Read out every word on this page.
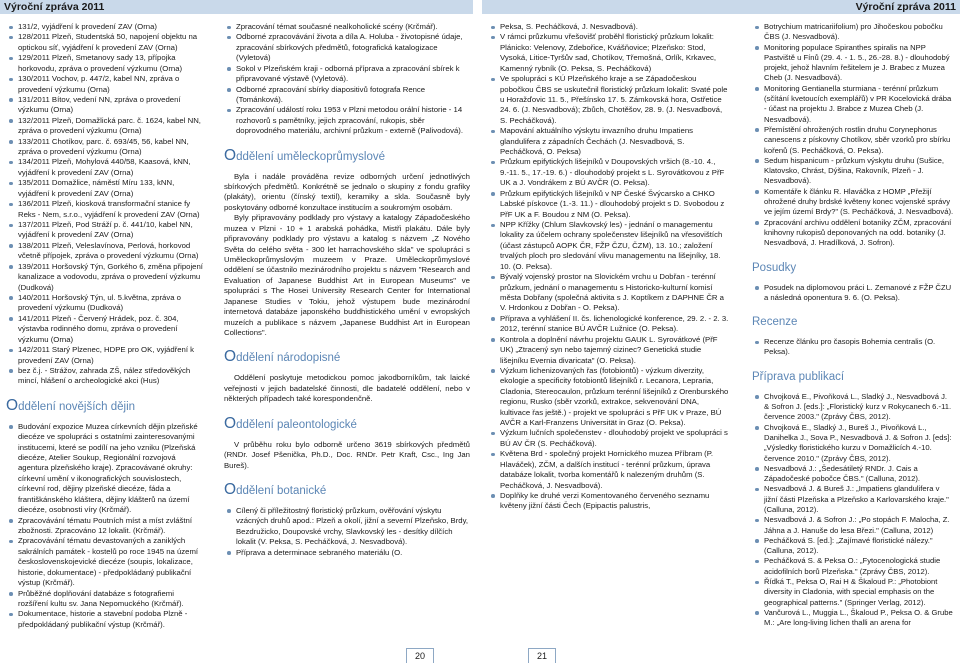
Výroční zpráva 2011	Výroční zpráva 2011
131/2, vyjádření k provedení ZAV (Orna)
128/2011 Plzeň, Studentská 50, napojení objektu na optickou síť, vyjádření k provedení ZAV (Orna)
129/2011 Plzeň, Smetanovy sady 13, přípojka horkovodu, zpráva o provedení výzkumu (Orna)
130/2011 Vochov, p. 447/2, kabel NN, zpráva o provedení výzkumu (Orna)
131/2011 Bítov, vedení NN, zpráva o provedení výzkumu (Orna)
132/2011 Plzeň, Domažlická parc. č. 1624, kabel NN, zpráva o provedení výzkumu (Orna)
133/2011 Chotíkov, parc. č. 693/45, 56, kabel NN, zpráva o provedení výzkumu (Orna)
134/2011 Plzeň, Mohylová 440/58, Kaasová, kNN, vyjádření k provedení ZAV (Orna)
135/2011 Domažlice, náměstí Míru 133, kNN, vyjádření k provedení ZAV (Orna)
136/2011 Plzeň, kiosková transformační stanice fy Reks - Nem, s.r.o., vyjádření k provedení ZAV (Orna)
137/2011 Plzeň, Pod Stráží p. č. 441/10, kabel NN, vyjádření k provedení ZAV (Orna)
138/2011 Plzeň, Veleslavínova, Perlová, horkovod včetně přípojek, zpráva o provedení výzkumu (Orna)
139/2011 Horšovský Týn, Gorkého 6, změna připojení kanalizace a vodovodu, zpráva o provedení výzkumu (Dudková)
140/2011 Horšovský Týn, ul. 5.května, zpráva o provedení výzkumu (Dudková)
141/2011 Plzeň - Červený Hrádek, poz. č. 304, výstavba rodinného domu, zpráva o provedení výzkumu (Orna)
142/2011 Starý Plzenec, HDPE pro OK, vyjádření k provedení ZAV (Orna)
bez č.j. - Strážov, zahrada ZŠ, nález středověkých mincí, hlášení o archeologické akci (Hus)
Oddělení novějších dějin
Budování expozice Muzea církevních dějin plzeňské diecéze ve spolupráci s ostatními zainteresovanými institucemi, které se podílí na jeho vzniku (Plzeňská diecéze, Atelier Soukup, Regionální rozvojová agentura plzeňského kraje). Zpracovávané okruhy: církevní umění v ikonografických souvislostech, církevní rod, dějiny plzeňské diecéze, fáda a františkánského kláštera, dějiny klášterů na území diecéze, osobnosti víry (Krčmář).
Zpracovávání tématu Poutních míst a míst zvláštní zbožnosti. Zpracováno 12 lokalit. (Krčmář).
Zpracovávání tématu devastovaných a zaniklých sakrálních památek - kostelů po roce 1945 na území československojevické diecéze (soupis, lokalizace, historie, dokumentace) - předpokládaný publikační výstup (Krčmář).
Průběžné doplňování databáze s fotografiemi rozšíření kultu sv. Jana Nepomuckého (Krčmář).
Dokumentace, historie a stavební podoba Plzně - předpokládaný publikační výstup (Krčmář).
Zpracování témat současné nealkoholické scény (Krčmář).
Odborné zpracovávání života a díla A. Holuba - životopisné údaje, zpracování sbírkových předmětů, fotografická katalogizace (Vyletová)
Sokol v Plzeňském kraji - odborná příprava a zpracování sbírek k připravované výstavě (Vyletová).
Odborné zpracování sbírky diapositivů fotografa Rence (Tománková).
Zpracování událostí roku 1953 v Plzni metodou orální historie - 14 rozhovorů s pamětníky, jejich zpracování, rukopis, sběr doprovodného materiálu, archivní průzkum - externě (Palivodová).
Oddělení uměleckoprůmyslové

Byla i nadále prováděna revize odborných určení jednotlivých sbírkových předmětů. Konkrétně se jednalo o skupiny z fondu grafiky (plakáty), orientu (čínský textil), keramiky a skla. Současně byly poskytovány odborné konzultace institucím a soukromým osobám.

Byly připravovány podklady pro výstavy a katalogy Západočeského muzea v Plzni - 10 + 1 arabská pohádka, Mistři plakátu. Dále byly připravovány podklady pro výstavu a katalog s názvem „Z Nového Světa do celého světa - 300 let harrachovského skla" ve spolupráci s Uměleckoprůmyslovým muzeem v Praze. Uměleckoprůmyslové oddělení se účastnilo mezinárodního projektu s názvem "Research and Evaluation of Japanese Buddhist Art in European Museums" ve spolupráci s The Hosei University Research Center for International Japanese Studies v Tokiu, jehož výstupem bude mezinárodní internetová databáze japonského buddhistického umění v evropských muzeích a publikace s názvem „Japanese Buddhist Art in European Collections".

Oddělení národopisné

Oddělení poskytuje metodickou pomoc jakodborníkům, tak laické veřejnosti v jejich badatelské činnosti, dle badatelé oddělení, nebo v některých případech také korespondenčně.

Oddělení paleontologické

V průběhu roku bylo odborně určeno 3619 sbírkových předmětů (RNDr. Josef Pšenička, Ph.D., Doc. RNDr. Petr Kraft, Csc., Ing Jan Bureš).

Oddělení botanické
Cílený či příležitostný floristický průzkum, ověřování výskytu vzácných druhů apod.: Plzeň a okolí, jižní a severní Plzeňsko, Brdy, Bezdružicko, Doupovské vrchy, Slavkovský les - desítky dílčích lokalit (V. Peksa, S. Pecháčková, J. Nesvadbová).
Příprava a determinace sebraného materiálu (O.
Peksa, S. Pecháčková, J. Nesvadbová).
V rámci průzkumu vřešovišť proběhl floristický průzkum lokalit: Plánicko: Velenovy, Zdebořice, Kvášňovice; Plzeňsko: Stod, Vysoká, Litice-Tyršův sad, Chotíkov, Třemošná, Orlík, Krkavec, Kamenný rybník (O. Peksa, S. Pecháčková)
Ve spolupráci s KÚ Plzeňského kraje a se Západočeskou pobočkou ČBS se uskutečnil floristický průzkum lokalit: Svaté pole u Horažďovic 11. 5., Přešínsko 17. 5. Zámkovská hora, Ostřetice 24. 6. (J. Nesvadbová); Zbůch, Chotěšov, 28. 9. (J. Nesvadbová, S. Pecháčková).
Mapování aktuálního výskytu invazního druhu Impatiens glandulifera z západních Čechách (J. Nesvadbová, S. Pecháčková, O. Peksa)
Průzkum epifytických lišejníků v Doupovských vršich (8.-10. 4., 9.-11. 5., 17.-19. 6.) - dlouhodobý projekt s L. Syrovátkovou z PřF UK a J. Vondrákem z BÚ AVČR (O. Peksa).
Průzkum epifytických lišejníků v NP České Švýcarsko a CHKO Labské pískovce (1.-3. 11.) - dlouhodobý projekt s D. Svobodou z PřF UK a F. Boudou z NM (O. Peksa).
NPP Křížky (Chlum Slavkovský les) - jednání o managementu lokality za účelem ochrany společenstev lišejníků na vřesovištích (účast zástupců AOPK ČR, FŽP ČZU, ČZM), 13. 10.; založení trvalých ploch pro sledování vlivu managementu na lišejníky, 18. 10. (O. Peksa).
Bývalý vojenský prostor na Slovickém vrchu u Dobřan - terénní průzkum, jednání o managementu s Historicko-kulturní komisí města Dobřany (společná aktivita s J. Koptíkem z DAPHNE ČR a V. Hrdonkou z Dobřan - O. Peksa).
Příprava a vyhlášení II. čs. lichenologické konference, 29. 2. - 2. 3. 2012, terénní stanice BÚ AVČR Lužnice (O. Peksa).
Kontrola a doplnění návrhu projektu GAUK L. Syrovátkové (PřF UK) „Ztracený syn nebo tajemný cizinec? Genetická studie lišejníku Evernia divaricata" (O. Peksa).
Výzkum lichenizovaných řas (fotobiontů) - výzkum diverzity, ekologie a specificity fotobiontů lišejníků r. Lecanora, Lepraria, Cladonia, Stereocaulon, průzkum terénní lišejníků z Orenburského regionu, Rusko (sběr vzorků, extrakce, sekvenování DNA, kultivace řas ještě.) - projekt ve spolupráci s PřF UK v Praze, BÚ AVČR a Karl-Franzens Universität in Graz (O. Peksa).
Výzkum lučních společenstev - dlouhodobý projekt ve spolupráci s BÚ AV ČR (S. Pecháčková).
Květena Brd - společný projekt Hornického muzea Příbram (P. Hlaváček), ZČM, a dalších institucí - terénní průzkum, úprava databáze lokalit, tvorba komentářů k nalezeným druhům (S. Pecháčková, J. Nesvadbová).
Doplňky ke druhé verzi Komentovaného červeného seznamu květeny jižní části Čech (Epipactis palustris,
Botrychium matricariifolium) pro Jihočeskou pobočku ČBS (J. Nesvadbová).
Monitoring populace Spiranthes spiralis na NPP Pastviště u Fínů (29. 4. - 1. 5., 26.-28. 8.) - dlouhodobý projekt, jehož hlavním řešitelem je J. Brabec z Muzea Cheb (J. Nesvadbová).
Monitoring Gentianella sturmiana - terénní průzkum (sčítání kvetoucích exemplářů) v PR Kocelovická drába - účast na projektu J. Brabce z Muzea Cheb (J. Nesvadbová).
Přemístění ohrožených rostlin druhu Corynephorus canescens z pískovny Chotíkov, sběr vzorků pro sbírku kořenů (S. Pecháčková, O. Peksa).
Sedum hispanicum - průzkum výskytu druhu (Sušice, Klatovsko, Chrást, Dýšina, Rakovník, Plzeň - J. Nesvadbová).
Komentáře k článku R. Hlaváčka z HOMP „Přežijí ohrožené druhy brdské květeny konec vojenské správy ve jejím území Brdy?" (S. Pecháčková, J. Nesvadbová).
Zpracování archivu oddělení botaniky ZČM, zpracování knihovny rukopisů deponovaných na odd. botaniky (J. Nesvadbová, J. Hradílková, J. Sofron).
Posudky
Posudek na diplomovou práci L. Zemanové z FŽP ČZU a následná oponentura 9. 6. (O. Peksa).
Recenze
Recenze článku pro časopis Bohemia centralis (O. Peksa).
Příprava publikací
Chvojková E., Pivoňková L., Sladký J., Nesvadbová J. & Sofron J. [eds.]: „Floristický kurz v Rokycanech 6.-11. července 2003." (Zprávy ČBS, 2012).
Chvojková E., Sladký J., Bureš J., Pivoňková L., Danihelka J., Sova P., Nesvadbová J. & Sofron J. [eds]: „Výsledky floristického kurzu v Domažlicích 4.-10. července 2010." (Zprávy ČBS, 2012).
Nesvadbová J.: „Šedesátiletý RNDr. J. Cais a Západočeské pobočce ČBS." (Calluna, 2012).
Nesvadbová J. & Bureš J.: „Impatiens glandulifera v jižní části Plzeňska a Plzeňsko a Karlovarského kraje." (Calluna, 2012).
Nesvadbová J. & Sofron J.: „Po stopách F. Malocha, Z. Jáhna a J. Hanuše do lesa Březi." (Calluna, 2012)
Pecháčková S. [ed.]: „Zajímavé floristické nálezy." (Calluna, 2012).
Pecháčková S. & Peksa O.: „Fytocenologická studie acidofilních borů Plzeňska." (Zprávy ČBS, 2012).
Řídká T., Peksa O, Rai H & Škaloud P.: „Photobiont diversity in Cladonia, with special emphasis on the geographical patterns." (Springer Verlag, 2012).
Vančurová L., Muggia L., Škaloud P., Peksa O. & Grube M.: „Are long-living lichen thalli an arena for
20	21
